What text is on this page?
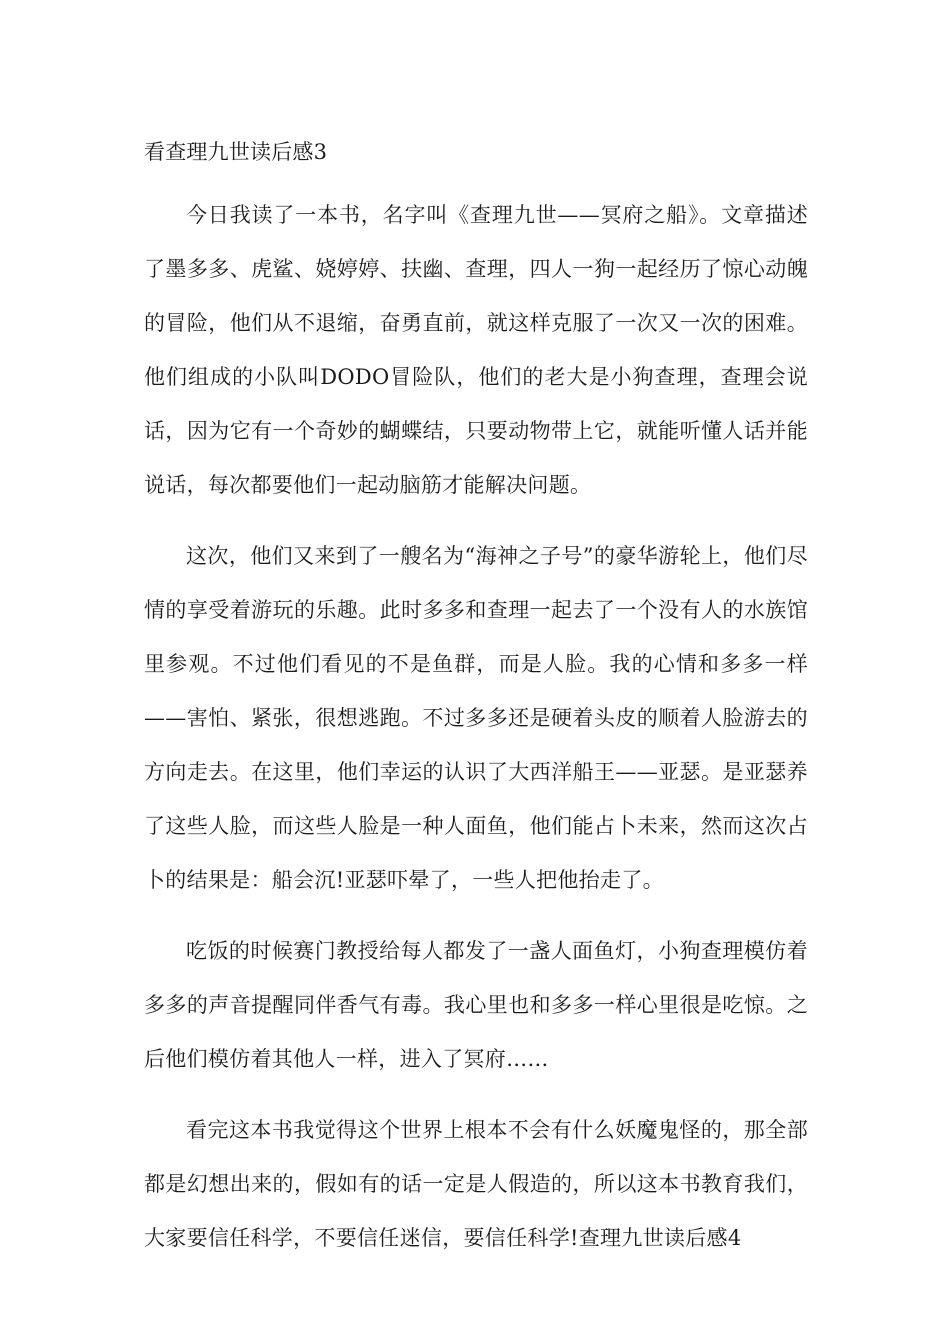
看查理九世读后感3

今日我读了一本书，名字叫《查理九世——冥府之船》。文章描述了墨多多、虎鲨、娆婷婷、扶幽、查理，四人一狗一起经历了惊心动魄的冒险，他们从不退缩，奋勇直前，就这样克服了一次又一次的困难。他们组成的小队叫DODO冒险队，他们的老大是小狗查理，查理会说话，因为它有一个奇妙的蝴蝶结，只要动物带上它，就能听懂人话并能说话，每次都要他们一起动脑筋才能解决问题。

这次，他们又来到了一艘名为“海神之子号”的豪华游轮上，他们尽情的享受着游玩的乐趣。此时多多和查理一起去了一个没有人的水族馆里参观。不过他们看见的不是鱼群，而是人脸。我的心情和多多一样——害怕、紧张，很想逃跑。不过多多还是硬着头皮的顺着人脸游去的方向走去。在这里，他们幸运的认识了大西洋船王——亚瑟。是亚瑟养了这些人脸，而这些人脸是一种人面鱼，他们能占卜未来，然而这次占卜的结果是：船会沉!亚瑟吓晕了，一些人把他抬走了。

吃饭的时候赛门教授给每人都发了一盏人面鱼灯，小狗查理模仿着多多的声音提醒同伴香气有毒。我心里也和多多一样心里很是吃惊。之后他们模仿着其他人一样，进入了冥府……

看完这本书我觉得这个世界上根本不会有什么妖魔鬼怪的，那全部都是幻想出来的，假如有的话一定是人假造的，所以这本书教育我们，大家要信任科学，不要信任迷信，要信任科学!查理九世读后感4
